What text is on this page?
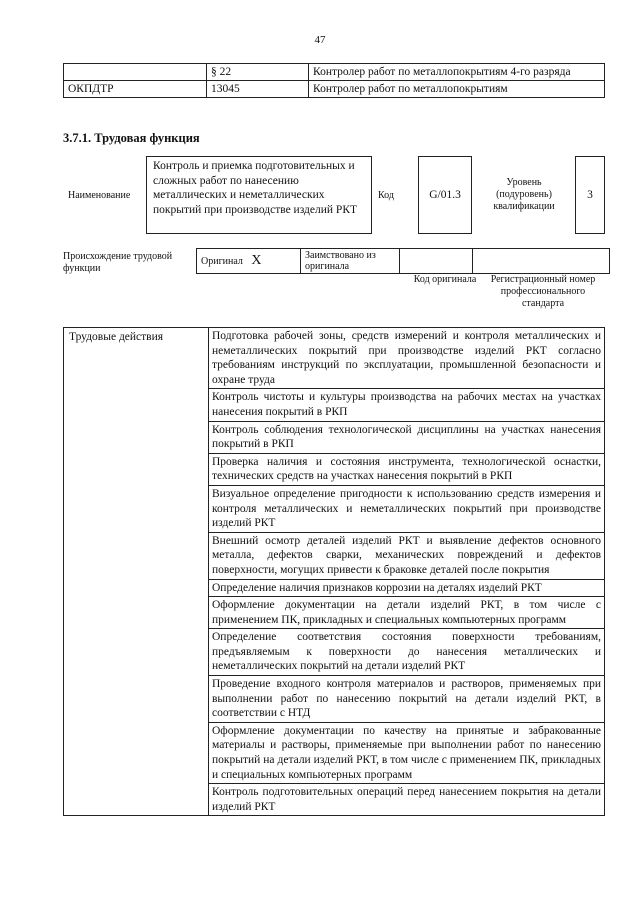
47
	§ 22	Контролер работ по металлопокрытиям 4-го разряда
ОКПДТР	13045	Контролер работ по металлопокрытиям
3.7.1. Трудовая функция
Наименование
Контроль и приемка подготовительных и сложных работ по нанесению металлических и неметаллических покрытий при производстве изделий РКТ
Код	G/01.3
Уровень (подуровень) квалификации
3
Происхождение трудовой функции
Оригинал X	Заимствовано из оригинала		
Код оригинала	Регистрационный номер профессионального стандарта
Трудовые действия	Подготовка рабочей зоны, средств измерений и контроля металлических и неметаллических покрытий при производстве изделий РКТ согласно требованиям инструкций по эксплуатации, промышленной безопасности и охране труда
Контроль чистоты и культуры производства на рабочих местах на участках нанесения покрытий в РКП
Контроль соблюдения технологической дисциплины на участках нанесения покрытий в РКП
Проверка наличия и состояния инструмента, технологической оснастки, технических средств на участках нанесения покрытий в РКП
Визуальное определение пригодности к использованию средств измерения и контроля металлических и неметаллических покрытий при производстве изделий РКТ
Внешний осмотр деталей изделий РКТ и выявление дефектов основного металла, дефектов сварки, механических повреждений и дефектов поверхности, могущих привести к браковке деталей после покрытия
Определение наличия признаков коррозии на деталях изделий РКТ
Оформление документации на детали изделий РКТ, в том числе с применением ПК, прикладных и специальных компьютерных программ
Определение соответствия состояния поверхности требованиям, предъявляемым к поверхности до нанесения металлических и неметаллических покрытий на детали изделий РКТ
Проведение входного контроля материалов и растворов, применяемых при выполнении работ по нанесению покрытий на детали изделий РКТ, в соответствии с НТД
Оформление документации по качеству на принятые и забракованные материалы и растворы, применяемые при выполнении работ по нанесению покрытий на детали изделий РКТ, в том числе с применением ПК, прикладных и специальных компьютерных программ
Контроль подготовительных операций перед нанесением покрытия на детали изделий РКТ
